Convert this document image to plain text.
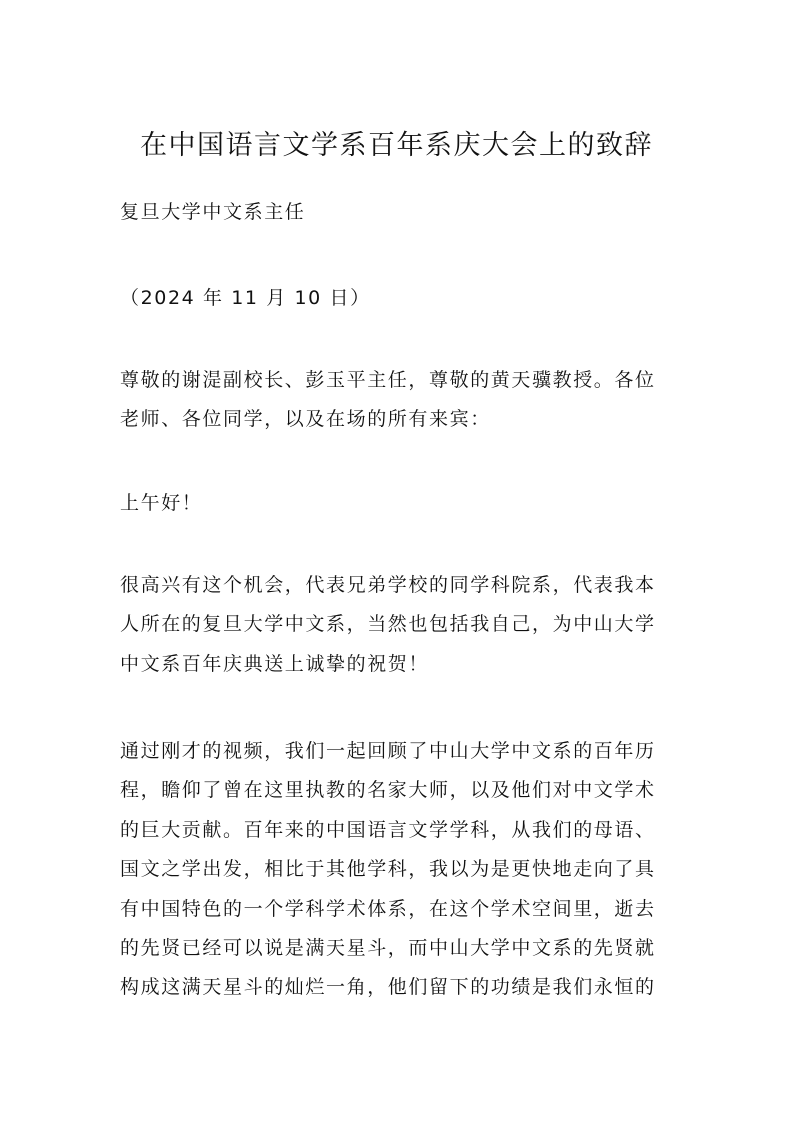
在中国语言文学系百年系庆大会上的致辞

复旦大学中文系主任

（2024 年 11 月 10 日）

尊敬的谢湜副校长、彭玉平主任，尊敬的黄天骥教授。各位
老师、各位同学，以及在场的所有来宾：

上午好！

很高兴有这个机会，代表兄弟学校的同学科院系，代表我本
人所在的复旦大学中文系，当然也包括我自己，为中山大学
中文系百年庆典送上诚挚的祝贺！

通过刚才的视频，我们一起回顾了中山大学中文系的百年历
程，瞻仰了曾在这里执教的名家大师，以及他们对中文学术
的巨大贡献。百年来的中国语言文学学科，从我们的母语、
国文之学出发，相比于其他学科，我以为是更快地走向了具
有中国特色的一个学科学术体系，在这个学术空间里，逝去
的先贤已经可以说是满天星斗，而中山大学中文系的先贤就
构成这满天星斗的灿烂一角，他们留下的功绩是我们永恒的
